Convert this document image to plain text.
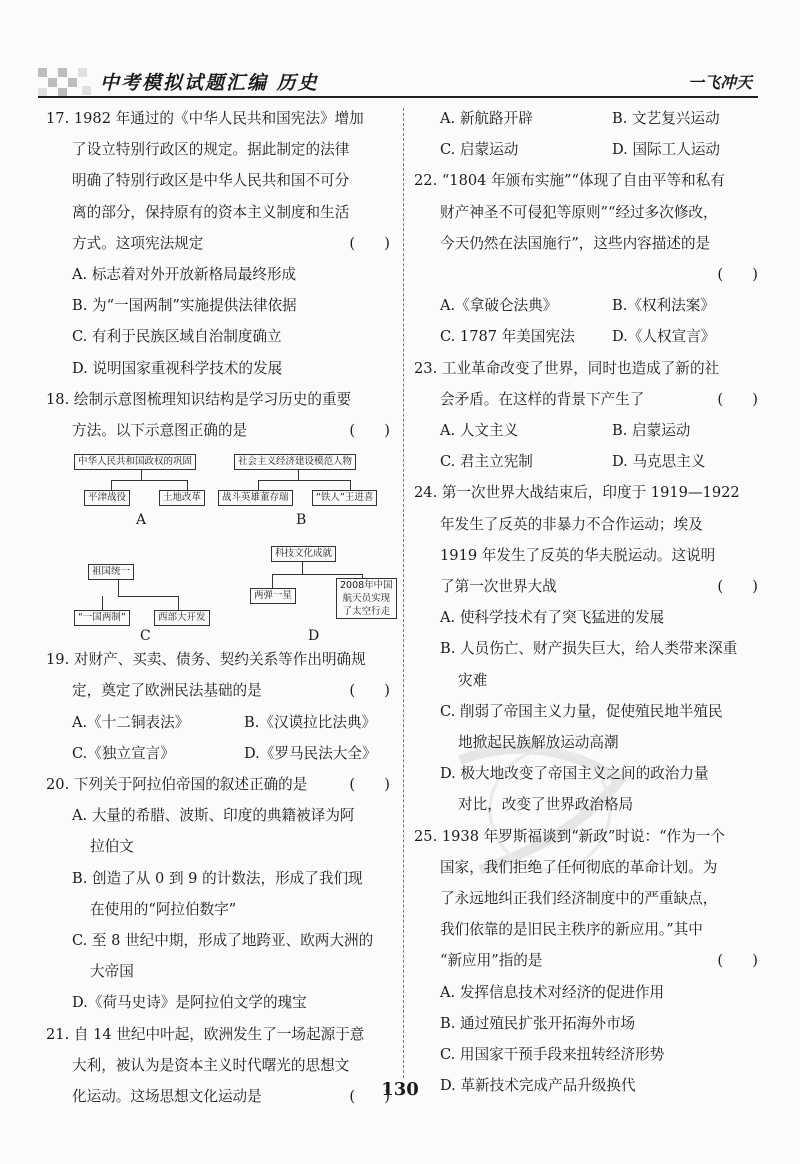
中考模拟试题汇编 历史	一飞冲天
17. 1982 年通过的《中华人民共和国宪法》增加
了设立特别行政区的规定。据此制定的法律
明确了特别行政区是中华人民共和国不可分
离的部分，保持原有的资本主义制度和生活
方式。这项宪法规定	(　　)
A. 标志着对外开放新格局最终形成
B. 为“一国两制”实施提供法律依据
C. 有利于民族区域自治制度确立
D. 说明国家重视科学技术的发展
18. 绘制示意图梳理知识结构是学习历史的重要
方法。以下示意图正确的是	(　　)
中华人民共和国政权的巩固
平津战役	土地改革
A
社会主义经济建设模范人物
战斗英雄董存瑞	“铁人”王进喜
B
祖国统一
“一国两制”	西部大开发
C
科技文化成就
两弹一星
2008年中国
航天员实现
了太空行走
D
19. 对财产、买卖、债务、契约关系等作出明确规
定，奠定了欧洲民法基础的是	(　　)
A.《十二铜表法》	B.《汉谟拉比法典》
C.《独立宣言》	D.《罗马民法大全》
20. 下列关于阿拉伯帝国的叙述正确的是	(　　)
A. 大量的希腊、波斯、印度的典籍被译为阿
拉伯文
B. 创造了从 0 到 9 的计数法，形成了我们现
在使用的“阿拉伯数字”
C. 至 8 世纪中期，形成了地跨亚、欧两大洲的
大帝国
D.《荷马史诗》是阿拉伯文学的瑰宝
21. 自 14 世纪中叶起，欧洲发生了一场起源于意
大利，被认为是资本主义时代曙光的思想文
化运动。这场思想文化运动是	(　　)
A. 新航路开辟	B. 文艺复兴运动
C. 启蒙运动	D. 国际工人运动
22. “1804 年颁布实施”“体现了自由平等和私有
财产神圣不可侵犯等原则”“经过多次修改，
今天仍然在法国施行”，这些内容描述的是
(　　)

A.《拿破仑法典》	B.《权利法案》
C. 1787 年美国宪法	D.《人权宣言》
23. 工业革命改变了世界，同时也造成了新的社
会矛盾。在这样的背景下产生了	(　　)
A. 人文主义	B. 启蒙运动
C. 君主立宪制	D. 马克思主义
24. 第一次世界大战结束后，印度于 1919—1922
年发生了反英的非暴力不合作运动；埃及
1919 年发生了反英的华夫脱运动。这说明
了第一次世界大战	(　　)
A. 使科学技术有了突飞猛进的发展
B. 人员伤亡、财产损失巨大，给人类带来深重
灾难
C. 削弱了帝国主义力量，促使殖民地半殖民
地掀起民族解放运动高潮
D. 极大地改变了帝国主义之间的政治力量
对比，改变了世界政治格局
25. 1938 年罗斯福谈到“新政”时说：“作为一个
国家，我们拒绝了任何彻底的革命计划。为
了永远地纠正我们经济制度中的严重缺点，
我们依靠的是旧民主秩序的新应用。”其中
“新应用”指的是	(　　)
A. 发挥信息技术对经济的促进作用
B. 通过殖民扩张开拓海外市场
C. 用国家干预手段来扭转经济形势
D. 革新技术完成产品升级换代
130
